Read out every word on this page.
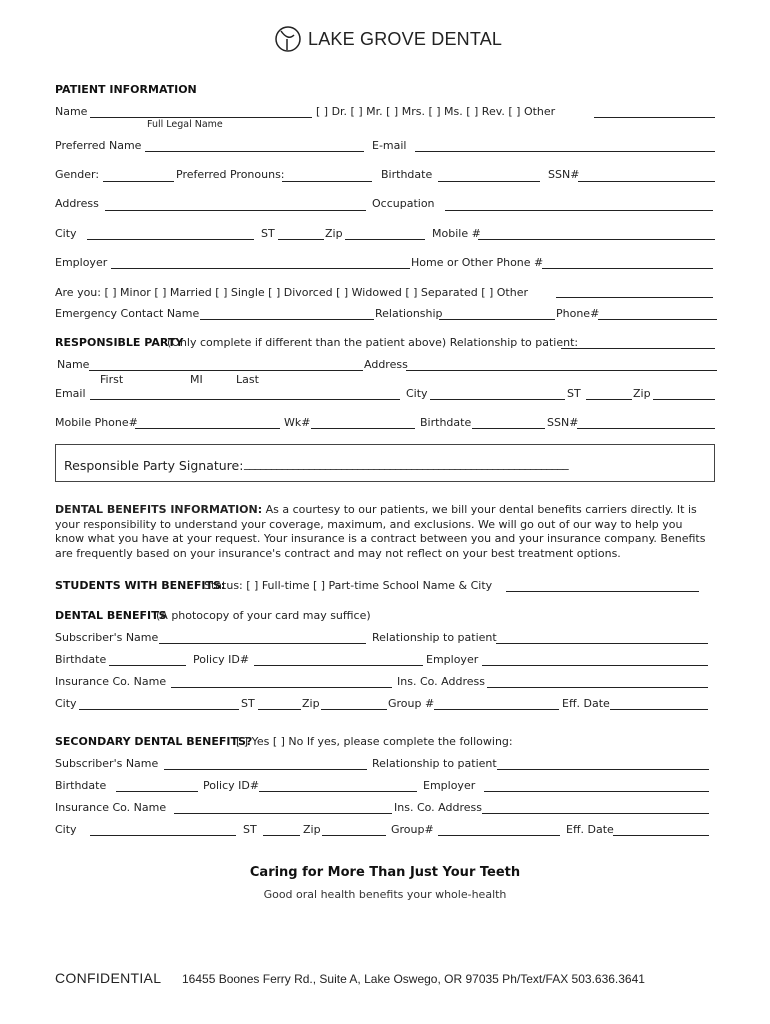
LAKE GROVE DENTAL
PATIENT INFORMATION
Name	[ ] Dr. [ ] Mr. [ ] Mrs. [ ] Ms. [ ] Rev. [ ] Other
Full Legal Name
Preferred Name	E-mail
Gender:	Preferred Pronouns:	Birthdate	SSN#
Address	Occupation
City	ST	Zip	Mobile #
Employer	Home or Other Phone #
Are you: [ ] Minor [ ] Married [ ] Single [ ] Divorced [ ] Widowed [ ] Separated [ ] Other
Emergency Contact Name	Relationship	Phone#
RESPONSIBLE PARTY
(Only complete if different than the patient above) Relationship to patient:
Name	Address
First	MI	Last
Email	City	ST	Zip
Mobile Phone#	Wk#	Birthdate	SSN#
Responsible Party Signature: ____________________________________________________________
DENTAL BENEFITS INFORMATION: As a courtesy to our patients, we bill your dental benefits carriers directly. It is your responsibility to understand your coverage, maximum, and exclusions. We will go out of our way to help you know what you have at your request. Your insurance is a contract between you and your insurance company. Benefits are frequently based on your insurance's contract and may not reflect on your best treatment options.
STUDENTS WITH BENEFITS:
Status: [ ] Full-time [ ] Part-time School Name & City
DENTAL BENEFITS
(A photocopy of your card may suffice)
Subscriber's Name	Relationship to patient
Birthdate	Policy ID#	Employer
Insurance Co. Name	Ins. Co. Address
City	ST	Zip	Group #	Eff. Date
SECONDARY DENTAL BENEFITS?
[ ] Yes [ ] No If yes, please complete the following:
Subscriber's Name	Relationship to patient
Birthdate	Policy ID#	Employer
Insurance Co. Name	Ins. Co. Address
City	ST	Zip	Group#	Eff. Date
Caring for More Than Just Your Teeth
Good oral health benefits your whole-health
CONFIDENTIAL 16455 Boones Ferry Rd., Suite A, Lake Oswego, OR 97035 Ph/Text/FAX 503.636.3641
